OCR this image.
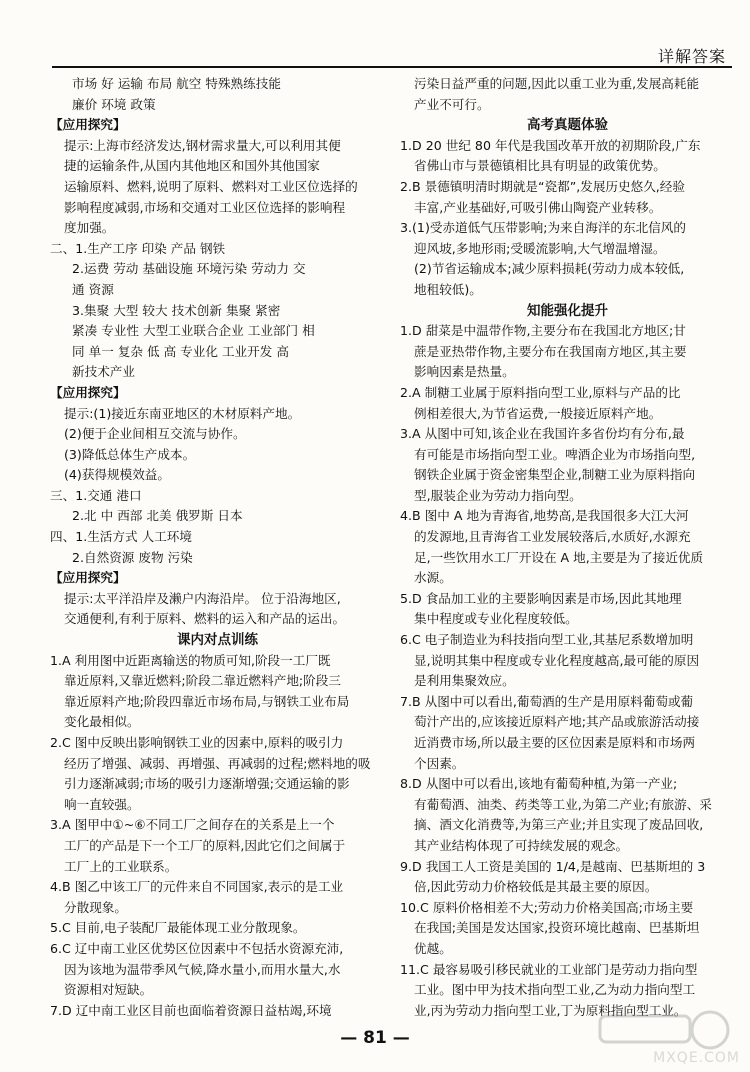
详解答案
市场 好 运输 布局 航空 特殊熟练技能
廉价 环境 政策
【应用探究】
提示:上海市经济发达,钢材需求量大,可以利用其便
捷的运输条件,从国内其他地区和国外其他国家
运输原料、燃料,说明了原料、燃料对工业区位选择的
影响程度减弱,市场和交通对工业区位选择的影响程
度加强。
二、1.生产工序 印染 产品 钢铁
2.运费 劳动 基础设施 环境污染 劳动力 交
通 资源
3.集聚 大型 较大 技术创新 集聚 紧密
紧凑 专业性 大型工业联合企业 工业部门 相
同 单一 复杂 低 高 专业化 工业开发 高
新技术产业
【应用探究】
提示:(1)接近东南亚地区的木材原料产地。
(2)便于企业间相互交流与协作。
(3)降低总体生产成本。
(4)获得规模效益。
三、1.交通 港口
2.北 中 西部 北美 俄罗斯 日本
四、1.生活方式 人工环境
2.自然资源 废物 污染
【应用探究】
提示:太平洋沿岸及濑户内海沿岸。 位于沿海地区,
交通便利,有利于原料、燃料的运入和产品的运出。
课内对点训练
1.A 利用图中近距离输送的物质可知,阶段一工厂既
靠近原料,又靠近燃料;阶段二靠近燃料产地;阶段三
靠近原料产地;阶段四靠近市场布局,与钢铁工业布局
变化最相似。
2.C 图中反映出影响钢铁工业的因素中,原料的吸引力
经历了增强、减弱、再增强、再减弱的过程;燃料地的吸
引力逐渐减弱;市场的吸引力逐渐增强;交通运输的影
响一直较强。
3.A 图甲中①~⑥不同工厂之间存在的关系是上一个
工厂的产品是下一个工厂的原料,因此它们之间属于
工厂上的工业联系。
4.B 图乙中该工厂的元件来自不同国家,表示的是工业
分散现象。
5.C 目前,电子装配厂最能体现工业分散现象。
6.C 辽中南工业区优势区位因素中不包括水资源充沛,
因为该地为温带季风气候,降水量小,而用水量大,水
资源相对短缺。
7.D 辽中南工业区目前也面临着资源日益枯竭,环境
污染日益严重的问题,因此以重工业为重,发展高耗能
产业不可行。
高考真题体验
1.D 20 世纪 80 年代是我国改革开放的初期阶段,广东
省佛山市与景德镇相比具有明显的政策优势。
2.B 景德镇明清时期就是“瓷都”,发展历史悠久,经验
丰富,产业基础好,可吸引佛山陶瓷产业转移。
3.(1)受赤道低气压带影响;为来自海洋的东北信风的
迎风坡,多地形雨;受暖流影响,大气增温增湿。
(2)节省运输成本;减少原料损耗(劳动力成本较低,
地租较低)。
知能强化提升
1.D 甜菜是中温带作物,主要分布在我国北方地区;甘
蔗是亚热带作物,主要分布在我国南方地区,其主要
影响因素是热量。
2.A 制糖工业属于原料指向型工业,原料与产品的比
例相差很大,为节省运费,一般接近原料产地。
3.A 从图中可知,该企业在我国许多省份均有分布,最
有可能是市场指向型工业。啤酒企业为市场指向型,
钢铁企业属于资金密集型企业,制糖工业为原料指向
型,服装企业为劳动力指向型。
4.B 图中 A 地为青海省,地势高,是我国很多大江大河
的发源地,且青海省工业发展较落后,水质好,水源充
足,一些饮用水工厂开设在 A 地,主要是为了接近优质
水源。
5.D 食品加工业的主要影响因素是市场,因此其地理
集中程度或专业化程度较低。
6.C 电子制造业为科技指向型工业,其基尼系数增加明
显,说明其集中程度或专业化程度越高,最可能的原因
是利用集聚效应。
7.B 从图中可以看出,葡萄酒的生产是用原料葡萄或葡
萄汁产出的,应该接近原料产地;其产品或旅游活动接
近消费市场,所以最主要的区位因素是原料和市场两
个因素。
8.D 从图中可以看出,该地有葡萄种植,为第一产业;
有葡萄酒、油类、药类等工业,为第二产业;有旅游、采
摘、酒文化消费等,为第三产业;并且实现了废品回收,
其产业结构体现了可持续发展的观念。
9.D 我国工人工资是美国的 1/4,是越南、巴基斯坦的 3
倍,因此劳动力价格较低是其最主要的原因。
10.C 原料价格相差不大;劳动力价格美国高;市场主要
在我国;美国是发达国家,投资环境比越南、巴基斯坦
优越。
11.C 最容易吸引移民就业的工业部门是劳动力指向型
工业。图中甲为技术指向型工业,乙为动力指向型工
业,丙为劳动力指向型工业,丁为原料指向型工业。
— 81 —
MXQE.COM
